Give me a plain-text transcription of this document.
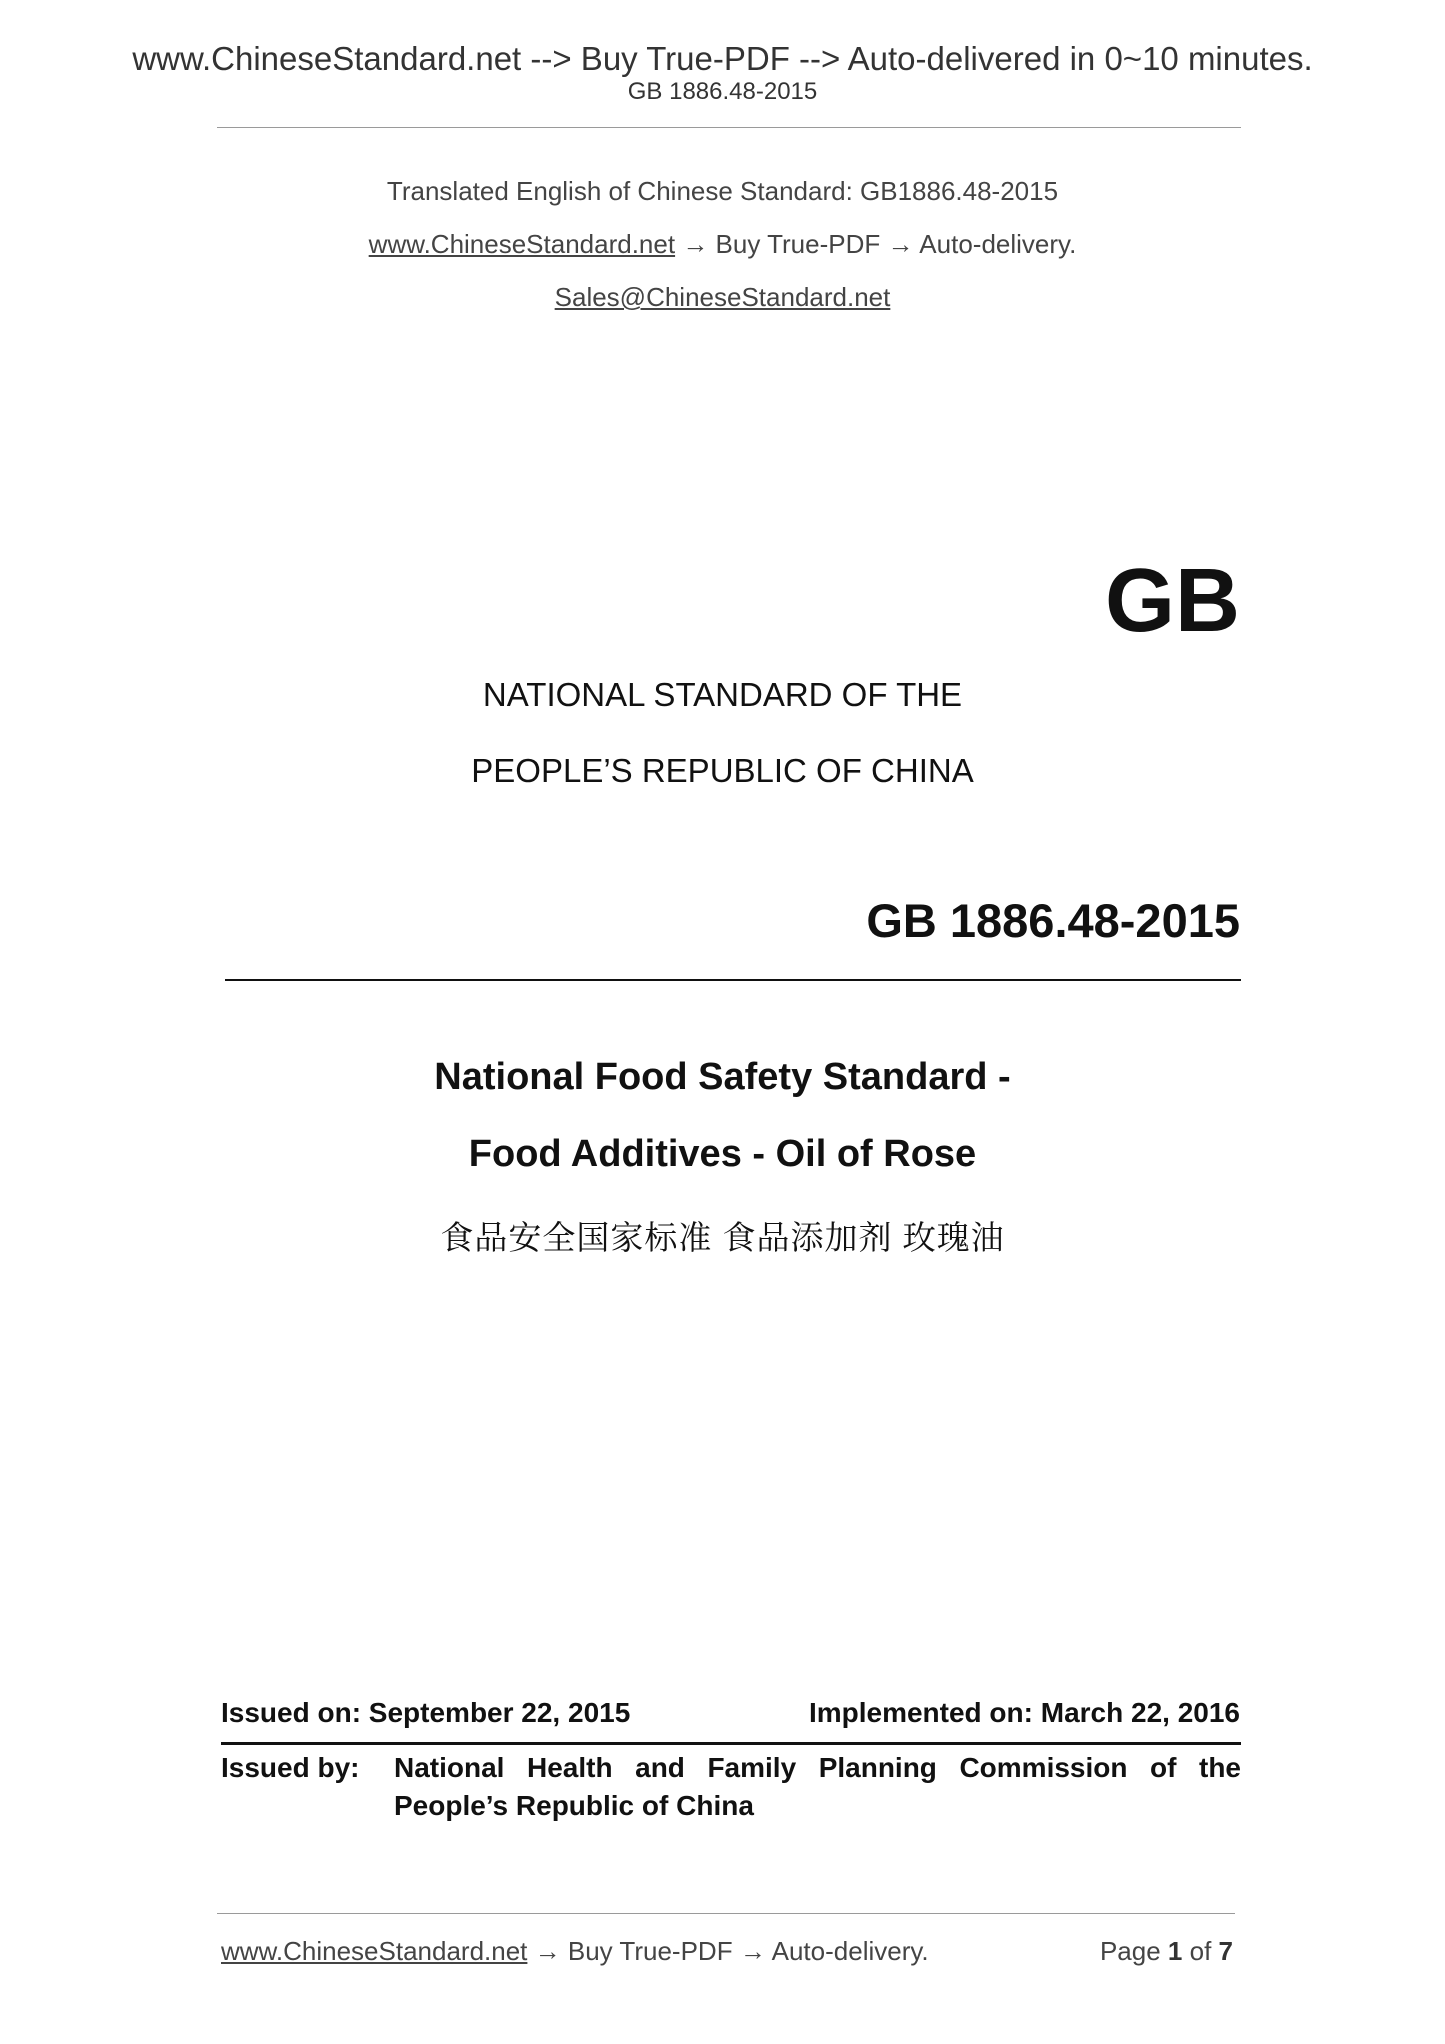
www.ChineseStandard.net --> Buy True-PDF --> Auto-delivered in 0~10 minutes.
GB 1886.48-2015
Translated English of Chinese Standard: GB1886.48-2015
www.ChineseStandard.net → Buy True-PDF → Auto-delivery.
Sales@ChineseStandard.net
GB
NATIONAL STANDARD OF THE
PEOPLE’S REPUBLIC OF CHINA
GB 1886.48-2015
National Food Safety Standard -
Food Additives - Oil of Rose
食品安全国家标准 食品添加剂 玫瑰油
Issued on: September 22, 2015	Implemented on: March 22, 2016
Issued by: National Health and Family Planning Commission of the
People’s Republic of China
www.ChineseStandard.net → Buy True-PDF → Auto-delivery.	Page 1 of 7
